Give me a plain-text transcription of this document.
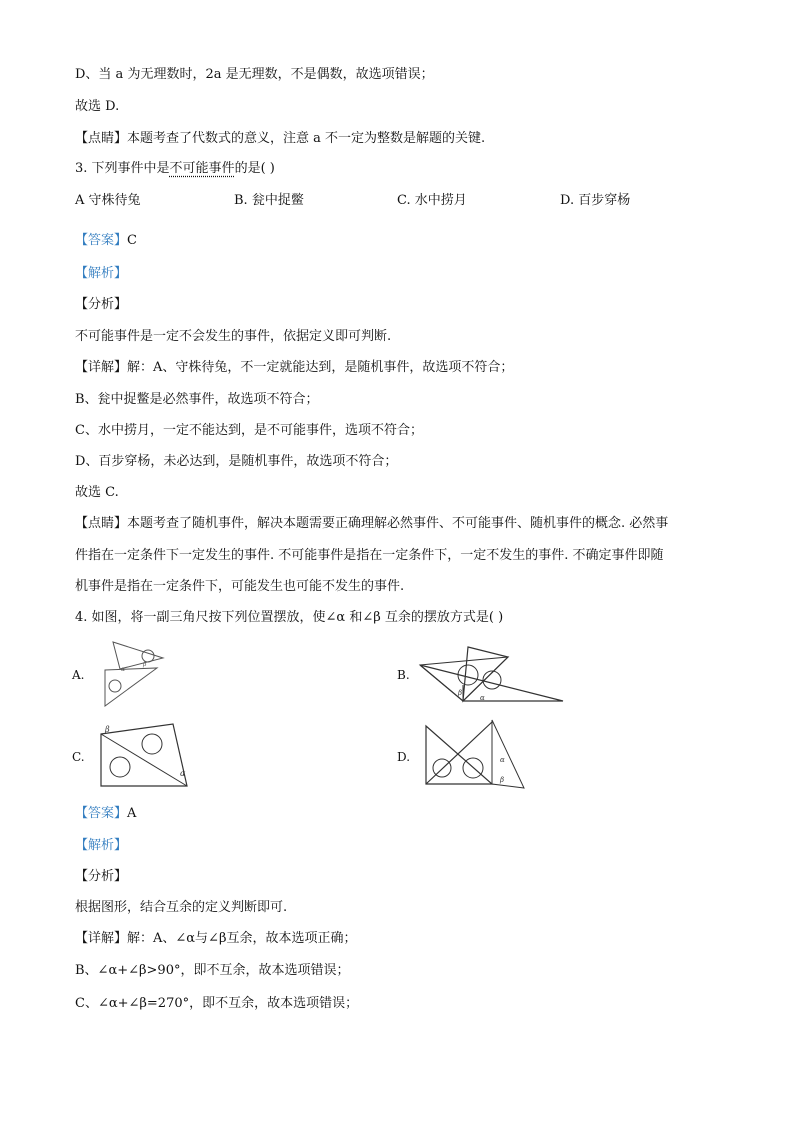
D、当 a 为无理数时，2a 是无理数，不是偶数，故选项错误；
故选 D.
【点睛】本题考查了代数式的意义，注意 a 不一定为整数是解题的关键.
3. 下列事件中是不可能事件的是( )
A 守株待兔	B. 瓮中捉鳖	C. 水中捞月	D. 百步穿杨
【答案】C
【解析】
【分析】
不可能事件是一定不会发生的事件，依据定义即可判断.
【详解】解：A、守株待兔，不一定就能达到，是随机事件，故选项不符合；
B、瓮中捉鳖是必然事件，故选项不符合；
C、水中捞月，一定不能达到，是不可能事件，选项不符合；
D、百步穿杨，未必达到，是随机事件，故选项不符合；
故选 C.
【点睛】本题考查了随机事件，解决本题需要正确理解必然事件、不可能事件、随机事件的概念. 必然事
件指在一定条件下一定发生的事件. 不可能事件是指在一定条件下，一定不发生的事件. 不确定事件即随
机事件是指在一定条件下，可能发生也可能不发生的事件.
4. 如图，将一副三角尺按下列位置摆放，使∠α 和∠β 互余的摆放方式是( )
A.	α
β
B.
β
α
C.
β
α
D.	α
β
【答案】A
【解析】
【分析】
根据图形，结合互余的定义判断即可.
【详解】解：A、∠α与∠β互余，故本选项正确；
B、∠α+∠β>90°，即不互余，故本选项错误；
C、∠α+∠β=270°，即不互余，故本选项错误；
